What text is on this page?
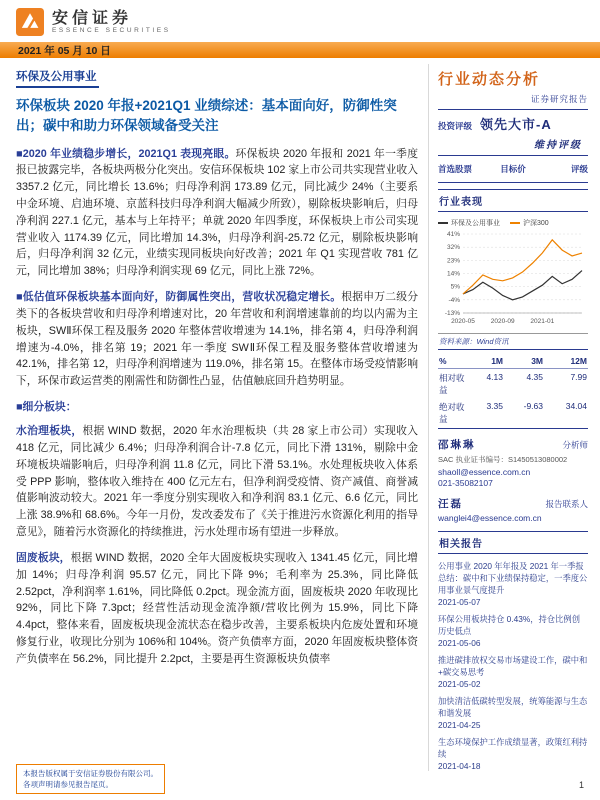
安信证券
ESSENCE SECURITIES
2021 年 05 月 10 日
环保及公用事业
环保板块 2020 年报+2021Q1 业绩综述：基本面向好，防御性突出；碳中和助力环保领域备受关注
■2020 年业绩稳步增长，2021Q1 表现亮眼。环保板块 2020 年报和 2021 年一季度报已披露完毕，各板块两极分化突出。安信环保板块 102 家上市公司共实现营业收入 3357.2 亿元，同比增长 13.6%；归母净利润 173.89 亿元，同比减少 24%（主要系中金环境、启迪环境、京蓝科技归母净利润大幅减少所致），剔除板块影响后，归母净利润 227.1 亿元，基本与上年持平；单就 2020 年四季度，环保板块上市公司实现营业收入 1174.39 亿元，同比增加 14.3%，归母净利润-25.72 亿元，剔除板块影响后，归母净利润 32 亿元，业绩实现同板块向好改善；2021 年 Q1 实现营收 781 亿元，同比增加 38%；归母净利润实现 69 亿元，同比上涨 72%。
■低估值环保板块基本面向好，防御属性突出，营收状况稳定增长。根据申万二级分类下的各板块营收和归母净利增速对比，20 年营收和利润增速靠前的均以内需为主板块，SWⅡ环保工程及服务 2020 年整体营收增速为 14.1%，排名第 4，归母净利润增速为-4.0%，排名第 19；2021 年一季度 SWⅡ环保工程及服务整体营收增速为 42.1%，排名第 12，归母净利润增速为 119.0%，排名第 15。在整体市场受疫情影响下，环保市政运营类的刚需性和防御性凸显，估值触底回升趋势明显。
■细分板块：
水治理板块，根据 WIND 数据，2020 年水治理板块（共 28 家上市公司）实现收入 418 亿元，同比减少 6.4%；归母净利润合计-7.8 亿元，同比下滑 131%，剔除中金环境板块端影响后，归母净利润 11.8 亿元，同比下滑 53.1%。水处理板块收入体系受 PPP 影响，整体收入维持在 400 亿元左右，但净利润受疫情、资产减值、商誉减值影响波动较大。2021 年一季度分别实现收入和净利润 83.1 亿元、6.6 亿元，同比上涨 38.9%和 68.6%。今年一月份，发改委发布了《关于推进污水资源化利用的指导意见》，随着污水资源化的持续推进，污水处理市场有望进一步释放。
固废板块，根据 WIND 数据，2020 全年大固废板块实现收入 1341.45 亿元，同比增加 14%；归母净利润 95.57 亿元，同比下降 9%；毛利率为 25.3%，同比降低 2.52pct，净利润率 1.61%，同比降低 0.2pct。现金流方面，固废板块 2020 年收现比 92%，同比下降 7.3pct；经营性活动现金流净额/营收比例为 15.9%，同比下降 4.4pct，整体来看，固废板块现金流状态在稳步改善，主要系板块内危废处置和环境修复行业，收现比分别为 106%和 104%。资产负债率方面，2020 年固废板块整体资产负债率在 56.2%，同比提升 2.2pct，主要是再生资源板块负债率
行业动态分析
证券研究报告
投资评级 领先大市-A
维持评级
首选股票	目标价	评级
行业表现
环保及公用事业	沪深300
41%
32%
23%
14%
5%
-4%
-13%
2020-05 2020-09 2021-01
资料来源：Wind资讯
%	1M	3M	12M
相对收益
4.13	4.35	7.99
绝对收益
3.35	-9.63	34.04
邵琳琳	分析师
SAC 执业证书编号：S1450513080002
shaoll@essence.com.cn
021-35082107
汪磊	报告联系人
wanglei4@essence.com.cn
相关报告
公用事业 2020 年年报及 2021 年一季报总结：碳中和下业绩保持稳定，一季度公用事业景气度提升
2021-05-07
环保公用板块持仓 0.43%，持仓比例创历史低点
2021-05-06
推进碳排放权交易市场建设工作，碳中和+碳交易思考
2021-05-02
加快清洁低碳转型发展，统筹能源与生态和谐发展
2021-04-25
生态环境保护工作成绩显著，政策红利持续
2021-04-18
本报告版权属于安信证券股份有限公司。
各项声明请参见报告尾页。	1
